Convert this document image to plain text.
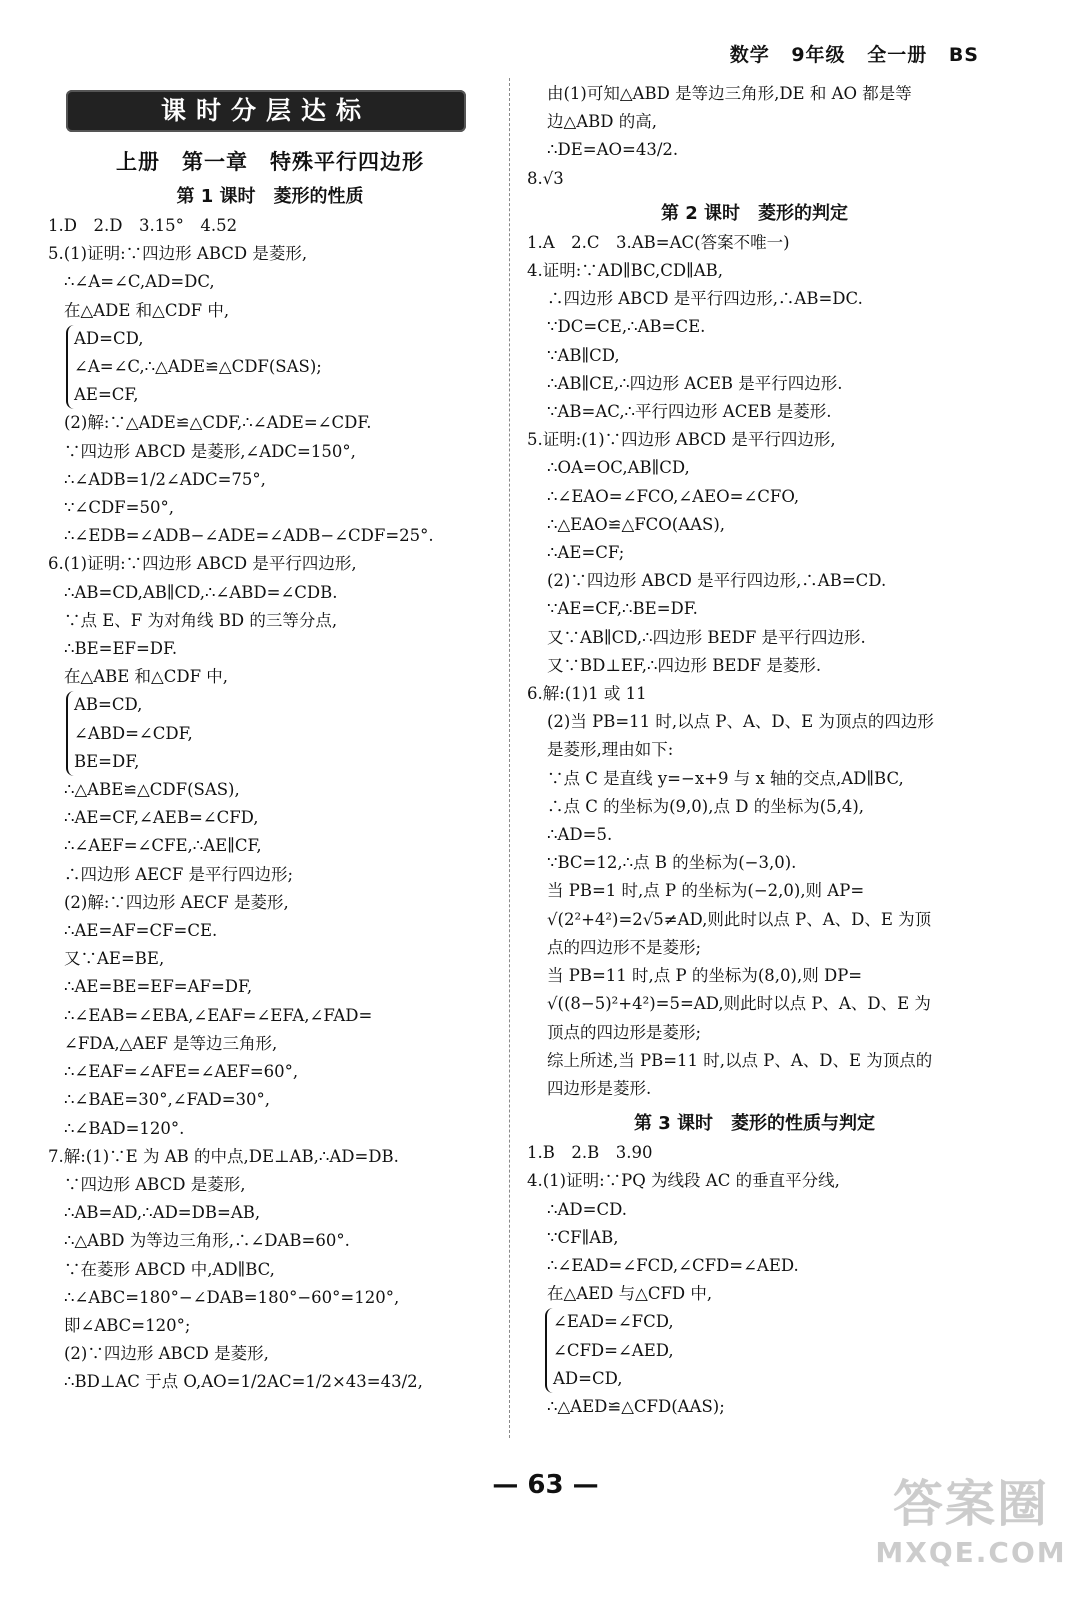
数学 9年级 全一册 BS
课时分层达标
上册　第一章　特殊平行四边形
第 1 课时　菱形的性质
1.D　2.D　3.15°　4.52
5.(1)证明:∵四边形 ABCD 是菱形,
∴∠A=∠C,AD=DC,
在△ADE 和△CDF 中,
AD=CD,
∠A=∠C,∴△ADE≌△CDF(SAS);
AE=CF,
(2)解:∵△ADE≌△CDF,∴∠ADE=∠CDF.
∵四边形 ABCD 是菱形,∠ADC=150°,
∴∠ADB=1/2∠ADC=75°,
∵∠CDF=50°,
∴∠EDB=∠ADB−∠ADE=∠ADB−∠CDF=25°.
6.(1)证明:∵四边形 ABCD 是平行四边形,
∴AB=CD,AB∥CD,∴∠ABD=∠CDB.
∵点 E、F 为对角线 BD 的三等分点,
∴BE=EF=DF.
在△ABE 和△CDF 中,
AB=CD,
∠ABD=∠CDF,
BE=DF,
∴△ABE≌△CDF(SAS),
∴AE=CF,∠AEB=∠CFD,
∴∠AEF=∠CFE,∴AE∥CF,
∴四边形 AECF 是平行四边形;
(2)解:∵四边形 AECF 是菱形,
∴AE=AF=CF=CE.
又∵AE=BE,
∴AE=BE=EF=AF=DF,
∴∠EAB=∠EBA,∠EAF=∠EFA,∠FAD=
∠FDA,△AEF 是等边三角形,
∴∠EAF=∠AFE=∠AEF=60°,
∴∠BAE=30°,∠FAD=30°,
∴∠BAD=120°.
7.解:(1)∵E 为 AB 的中点,DE⊥AB,∴AD=DB.
∵四边形 ABCD 是菱形,
∴AB=AD,∴AD=DB=AB,
∴△ABD 为等边三角形,∴∠DAB=60°.
∵在菱形 ABCD 中,AD∥BC,
∴∠ABC=180°−∠DAB=180°−60°=120°,
即∠ABC=120°;
(2)∵四边形 ABCD 是菱形,
∴BD⊥AC 于点 O,AO=1/2AC=1/2×43=43/2,
由(1)可知△ABD 是等边三角形,DE 和 AO 都是等
边△ABD 的高,
∴DE=AO=43/2.
8.√3
第 2 课时　菱形的判定
1.A　2.C　3.AB=AC(答案不唯一)
4.证明:∵AD∥BC,CD∥AB,
∴四边形 ABCD 是平行四边形,∴AB=DC.
∵DC=CE,∴AB=CE.
∵AB∥CD,
∴AB∥CE,∴四边形 ACEB 是平行四边形.
∵AB=AC,∴平行四边形 ACEB 是菱形.
5.证明:(1)∵四边形 ABCD 是平行四边形,
∴OA=OC,AB∥CD,
∴∠EAO=∠FCO,∠AEO=∠CFO,
∴△EAO≌△FCO(AAS),
∴AE=CF;
(2)∵四边形 ABCD 是平行四边形,∴AB=CD.
∵AE=CF,∴BE=DF.
又∵AB∥CD,∴四边形 BEDF 是平行四边形.
又∵BD⊥EF,∴四边形 BEDF 是菱形.
6.解:(1)1 或 11
(2)当 PB=11 时,以点 P、A、D、E 为顶点的四边形
是菱形,理由如下:
∵点 C 是直线 y=−x+9 与 x 轴的交点,AD∥BC,
∴点 C 的坐标为(9,0),点 D 的坐标为(5,4),
∴AD=5.
∵BC=12,∴点 B 的坐标为(−3,0).
当 PB=1 时,点 P 的坐标为(−2,0),则 AP=
√(2²+4²)=2√5≠AD,则此时以点 P、A、D、E 为顶
点的四边形不是菱形;
当 PB=11 时,点 P 的坐标为(8,0),则 DP=
√((8−5)²+4²)=5=AD,则此时以点 P、A、D、E 为
顶点的四边形是菱形;
综上所述,当 PB=11 时,以点 P、A、D、E 为顶点的
四边形是菱形.
第 3 课时　菱形的性质与判定
1.B　2.B　3.90
4.(1)证明:∵PQ 为线段 AC 的垂直平分线,
∴AD=CD.
∵CF∥AB,
∴∠EAD=∠FCD,∠CFD=∠AED.
在△AED 与△CFD 中,
∠EAD=∠FCD,
∠CFD=∠AED,
AD=CD,
∴△AED≌△CFD(AAS);
— 63 —	答案圈
MXQE.COM
